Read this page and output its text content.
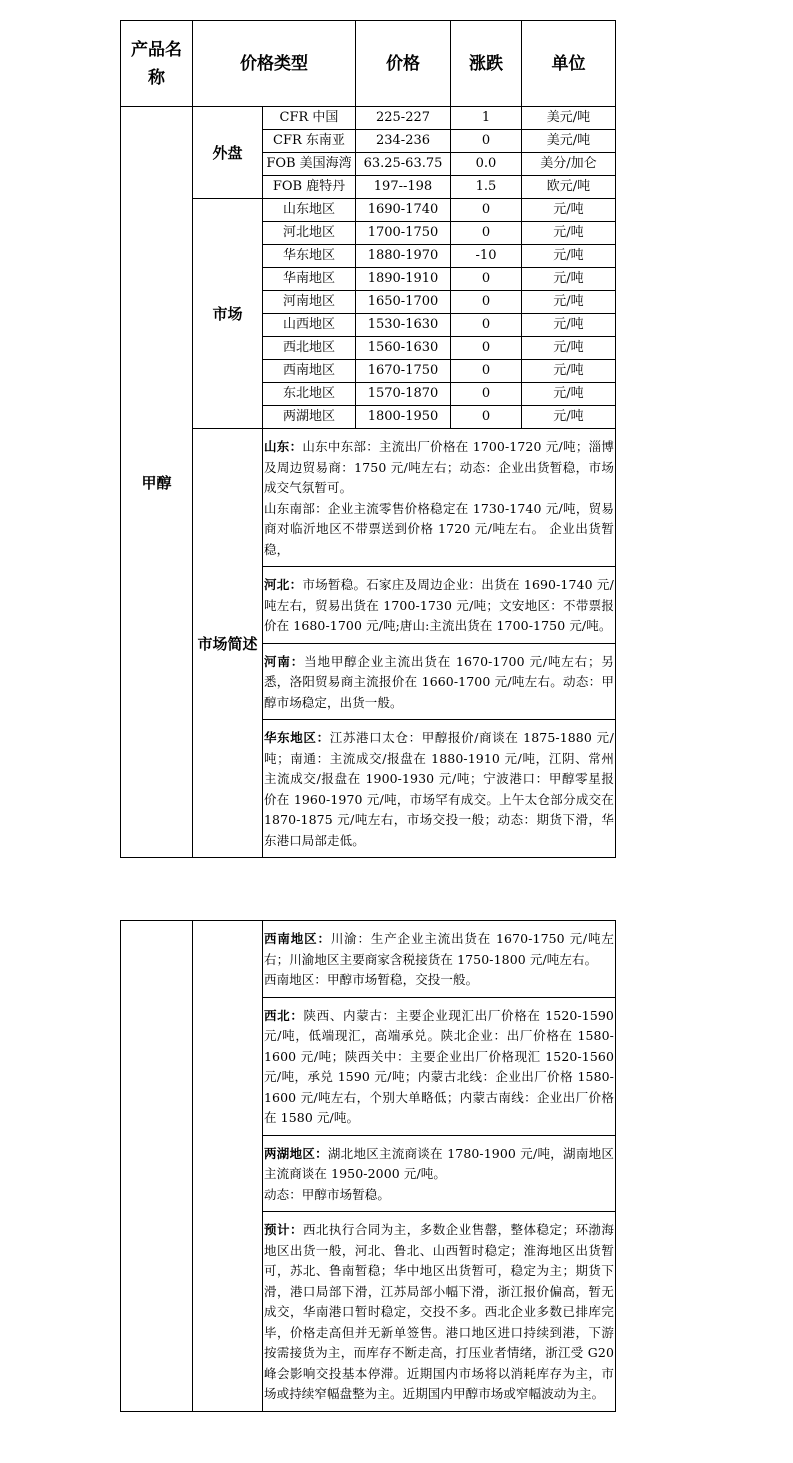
产品名称	价格类型		价格	涨跌	单位
甲醇	外盘	CFR 中国	225-227	1	美元/吨
		CFR 东南亚	234-236	0	美元/吨
		FOB 美国海湾	63.25-63.75	0.0	美分/加仑
		FOB 鹿特丹	197--198	1.5	欧元/吨
	市场	山东地区	1690-1740	0	元/吨
		河北地区	1700-1750	0	元/吨
		华东地区	1880-1970	-10	元/吨
		华南地区	1890-1910	0	元/吨
		河南地区	1650-1700	0	元/吨
		山西地区	1530-1630	0	元/吨
		西北地区	1560-1630	0	元/吨
		西南地区	1670-1750	0	元/吨
		东北地区	1570-1870	0	元/吨
		两湖地区	1800-1950	0	元/吨
	市场简述	山东：山东中东部：主流出厂价格在 1700-1720 元/吨；淄博及周边贸易商：1750 元/吨左右；动态：企业出货暂稳，市场成交气氛暂可。
山东南部：企业主流零售价格稳定在 1730-1740 元/吨，贸易商对临沂地区不带票送到价格 1720 元/吨左右。 企业出货暂稳，
河北：市场暂稳。石家庄及周边企业：出货在 1690-1740 元/吨左右，贸易出货在 1700-1730 元/吨；文安地区：不带票报价在 1680-1700 元/吨;唐山:主流出货在 1700-1750 元/吨。
河南：当地甲醇企业主流出货在 1670-1700 元/吨左右；另悉，洛阳贸易商主流报价在 1660-1700 元/吨左右。动态：甲醇市场稳定，出货一般。
华东地区：江苏港口太仓：甲醇报价/商谈在 1875-1880 元/吨；南通：主流成交/报盘在 1880-1910 元/吨，江阴、常州主流成交/报盘在 1900-1930 元/吨；宁波港口：甲醇零星报价在 1960-1970 元/吨，市场罕有成交。上午太仓部分成交在 1870-1875 元/吨左右，市场交投一般；动态：期货下滑，华东港口局部走低。			

西南地区：川渝：生产企业主流出货在 1670-1750 元/吨左右；川渝地区主要商家含税接货在 1750-1800 元/吨左右。
西南地区：甲醇市场暂稳，交投一般。
西北：陕西、内蒙古：主要企业现汇出厂价格在 1520-1590 元/吨，低端现汇，高端承兑。陕北企业：出厂价格在 1580-1600 元/吨；陕西关中：主要企业出厂价格现汇 1520-1560 元/吨，承兑 1590 元/吨；内蒙古北线：企业出厂价格 1580-1600 元/吨左右，个别大单略低；内蒙古南线：企业出厂价格在 1580 元/吨。
两湖地区：湖北地区主流商谈在 1780-1900 元/吨，湖南地区主流商谈在 1950-2000 元/吨。
动态：甲醇市场暂稳。
预计：西北执行合同为主，多数企业售罄，整体稳定；环渤海地区出货一般，河北、鲁北、山西暂时稳定；淮海地区出货暂可，苏北、鲁南暂稳；华中地区出货暂可，稳定为主；期货下滑，港口局部下滑，江苏局部小幅下滑，浙江报价偏高，暂无成交，华南港口暂时稳定，交投不多。西北企业多数已排库完毕，价格走高但并无新单签售。港口地区进口持续到港，下游按需接货为主，而库存不断走高，打压业者情绪，浙江受 G20 峰会影响交投基本停滞。近期国内市场将以消耗库存为主，市场或持续窄幅盘整为主。近期国内甲醇市场或窄幅波动为主。
